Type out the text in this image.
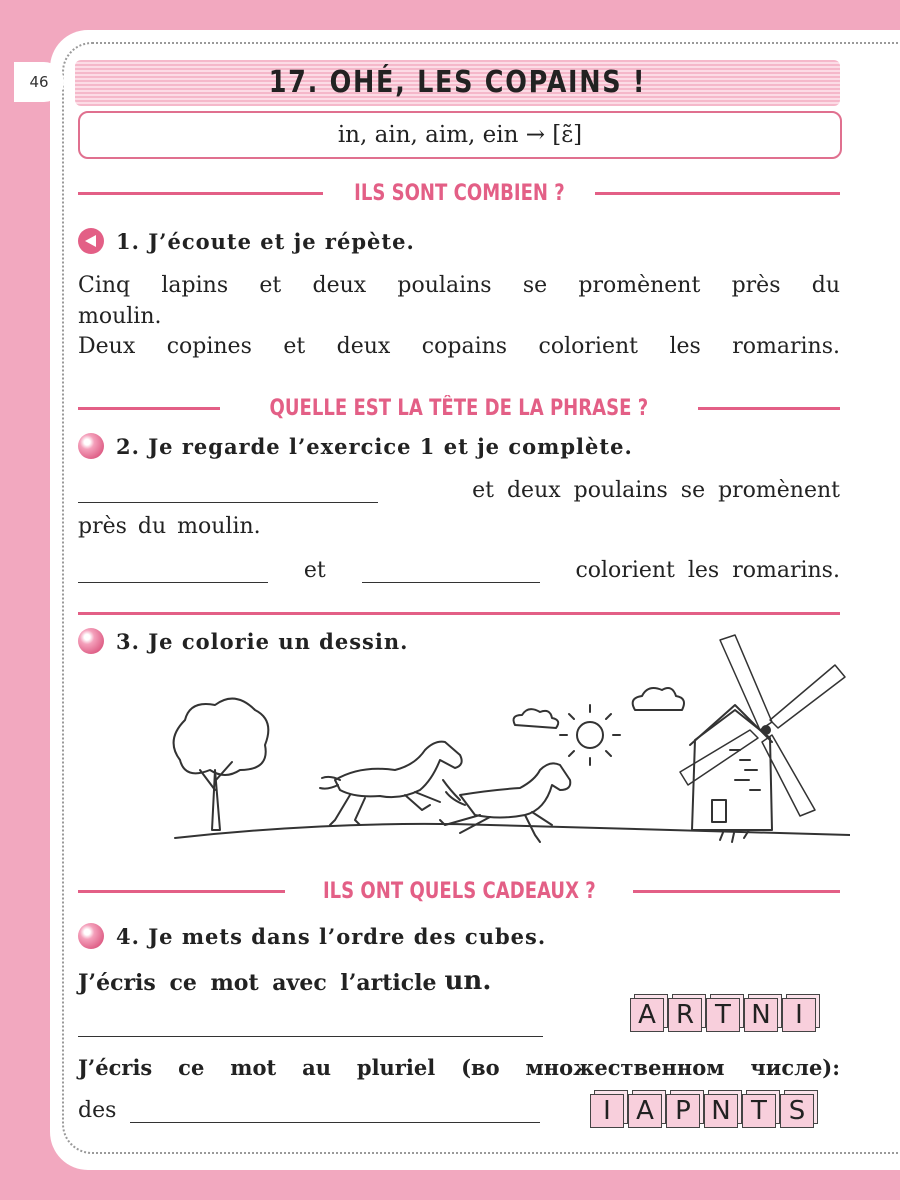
46	17. OHÉ, LES COPAINS !
in, ain, aim, ein → [ɛ̃]
ILS SONT COMBIEN ?
1. J’écoute et je répète.
Cinq lapins et deux poulains se promènent près du
moulin.
Deux copines et deux copains colorient les romarins.
QUELLE EST LA TÊTE DE LA PHRASE ?
2. Je regarde l’exercice 1 et je complète.
et deux poulains se promènent
près du moulin.
et	colorient les romarins.
3. Je colorie un dessin.
ILS ONT QUELS CADEAUX ?
4. Je mets dans l’ordre des cubes.
J’écris ce mot avec l’article un.
A R T N I
J’écris ce mot au pluriel (во множественном числе):
des	I A P N T S
